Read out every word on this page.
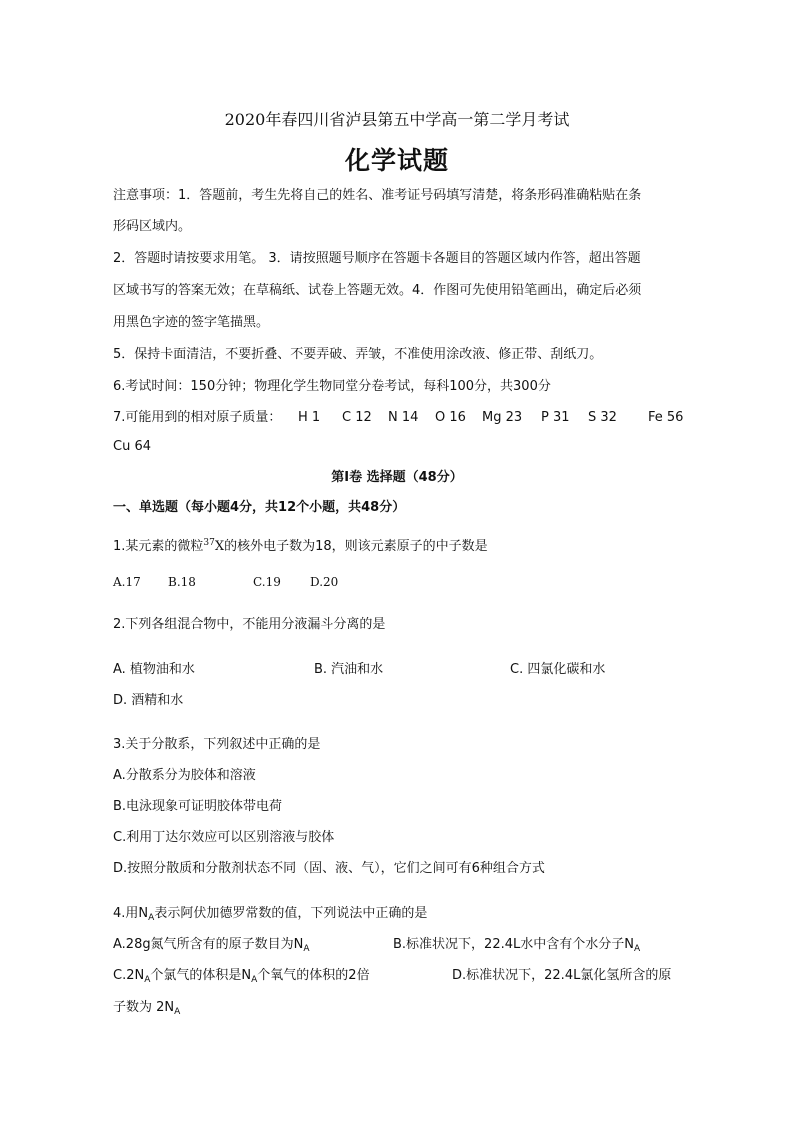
2020年春四川省泸县第五中学高一第二学月考试
化学试题
注意事项：1．答题前，考生先将自己的姓名、准考证号码填写清楚，将条形码准确粘贴在条
形码区域内。
2．答题时请按要求用笔。 3．请按照题号顺序在答题卡各题目的答题区域内作答，超出答题
区域书写的答案无效；在草稿纸、试卷上答题无效。4．作图可先使用铅笔画出，确定后必须
用黑色字迹的签字笔描黑。
5．保持卡面清洁，不要折叠、不要弄破、弄皱，不准使用涂改液、修正带、刮纸刀。
6.考试时间：150分钟；物理化学生物同堂分卷考试，每科100分，共300分
7.可能用到的相对原子质量： H 1 C 12 N 14 O 16 Mg 23 P 31 S 32 Fe 56
Cu 64
第Ⅰ卷 选择题（48分）
一、单选题（每小题4分，共12个小题，共48分）
1.某元素的微粒$^{37}$X的核外电子数为18，则该元素原子的中子数是
A.17 B.18	C.19 D.20
2.下列各组混合物中，不能用分液漏斗分离的是
A. 植物油和水	B. 汽油和水	C. 四氯化碳和水
D. 酒精和水
3.关于分散系，下列叙述中正确的是
A.分散系分为胶体和溶液
B.电泳现象可证明胶体带电荷
C.利用丁达尔效应可以区别溶液与胶体
D.按照分散质和分散剂状态不同（固、液、气），它们之间可有6种组合方式
4.用$N_A$表示阿伏加德罗常数的值，下列说法中正确的是
A.28g氮气所含有的原子数目为$N_A$	B.标准状况下，22.4L水中含有个水分子$N_A$
$C.2N_A$个氯气的体积是$N_A$个氧气的体积的2倍	D.标准状况下，22.4L氯化氢所含的原
子数为 $2N_A$
